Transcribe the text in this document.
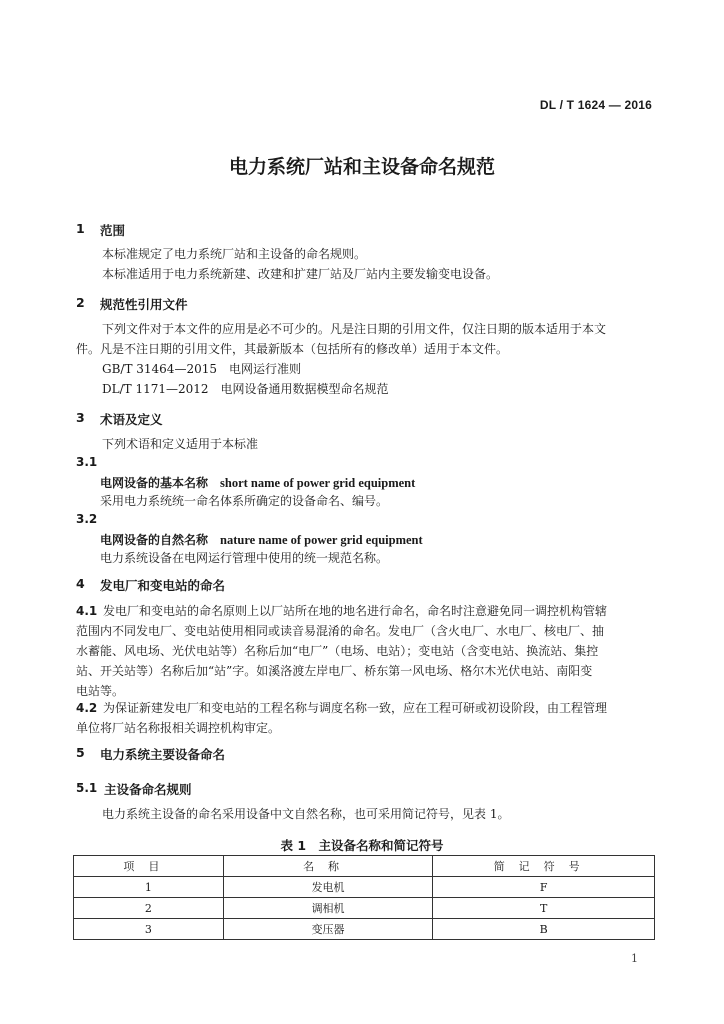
DL / T 1624 — 2016
电力系统厂站和主设备命名规范
1 范围
本标准规定了电力系统厂站和主设备的命名规则。
本标准适用于电力系统新建、改建和扩建厂站及厂站内主要发输变电设备。
2 规范性引用文件
下列文件对于本文件的应用是必不可少的。凡是注日期的引用文件，仅注日期的版本适用于本文
件。凡是不注日期的引用文件，其最新版本（包括所有的修改单）适用于本文件。
GB/T 31464—2015　电网运行准则
DL/T 1171—2012　电网设备通用数据模型命名规范
3 术语及定义
下列术语和定义适用于本标准
3.1
电网设备的基本名称 short name of power grid equipment
采用电力系统统一命名体系所确定的设备命名、编号。
3.2
电网设备的自然名称 nature name of power grid equipment
电力系统设备在电网运行管理中使用的统一规范名称。
4 发电厂和变电站的命名
4.1 发电厂和变电站的命名原则上以厂站所在地的地名进行命名，命名时注意避免同一调控机构管辖
范围内不同发电厂、变电站使用相同或读音易混淆的命名。发电厂（含火电厂、水电厂、核电厂、抽
水蓄能、风电场、光伏电站等）名称后加“电厂”（电场、电站）；变电站（含变电站、换流站、集控
站、开关站等）名称后加“站”字。如溪洛渡左岸电厂、桥东第一风电场、格尔木光伏电站、南阳变
电站等。
4.2 为保证新建发电厂和变电站的工程名称与调度名称一致，应在工程可研或初设阶段，由工程管理
单位将厂站名称报相关调控机构审定。
5 电力系统主要设备命名
5.1 主设备命名规则
电力系统主设备的命名采用设备中文自然名称，也可采用简记符号，见表 1。
表 1　主设备名称和简记符号
项目	名称	简记符号
1	发电机	F
2	调相机	T
3	变压器	B
1
